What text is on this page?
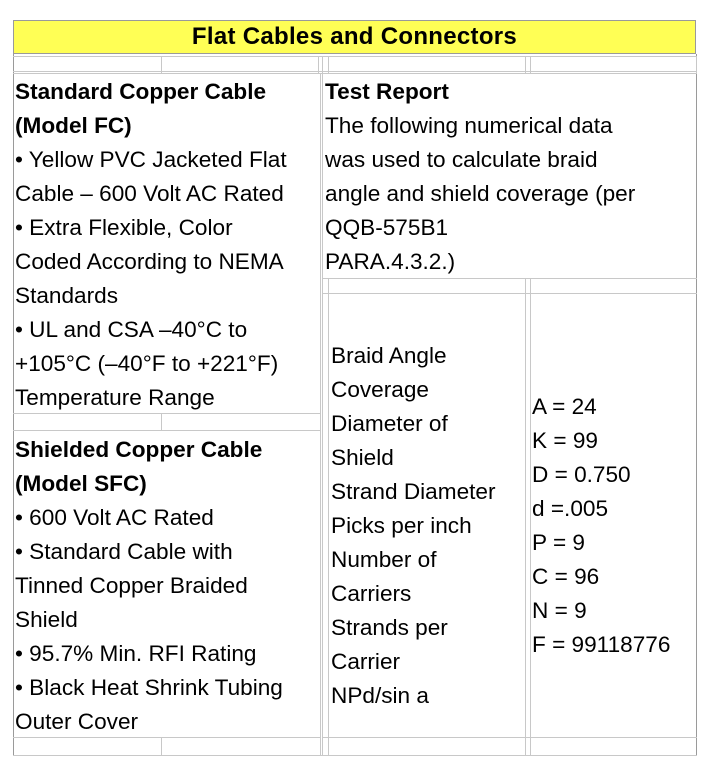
Flat Cables and Connectors
Standard Copper Cable
(Model FC)
• Yellow PVC Jacketed Flat
Cable – 600 Volt AC Rated
• Extra Flexible, Color
Coded According to NEMA
Standards
• UL and CSA –40°C to
+105°C (–40°F to +221°F)
Temperature Range
Shielded Copper Cable
(Model SFC)
• 600 Volt AC Rated
• Standard Cable with
Tinned Copper Braided
Shield
• 95.7% Min. RFI Rating
• Black Heat Shrink Tubing
Outer Cover
Test Report
The following numerical data
was used to calculate braid
angle and shield coverage (per
QQB-575B1
PARA.4.3.2.)
Braid Angle
Coverage
Diameter of
Shield
Strand Diameter
Picks per inch
Number of
Carriers
Strands per
Carrier
NPd/sin a
A = 24
K = 99
D = 0.750
d =.005
P = 9
C = 96
N = 9
F = 99118776
